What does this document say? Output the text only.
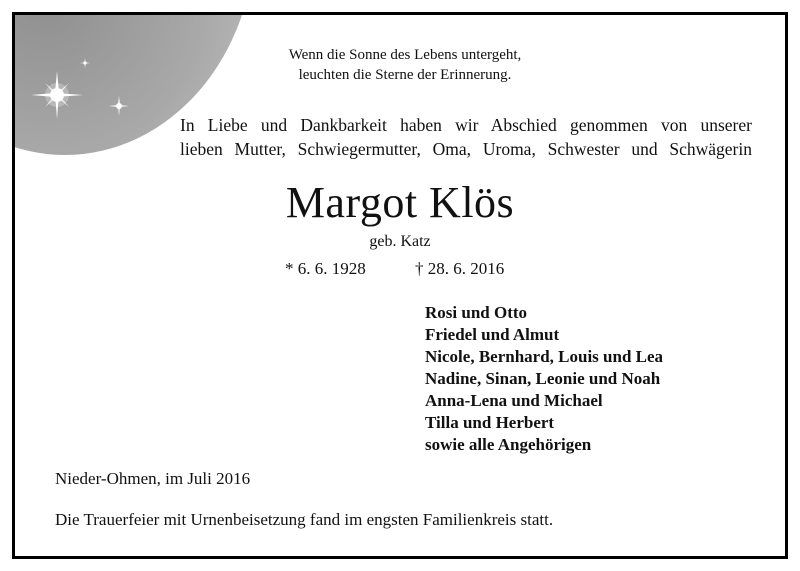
Wenn die Sonne des Lebens untergeht,
leuchten die Sterne der Erinnerung.
In Liebe und Dankbarkeit haben wir Abschied genommen von unserer
lieben Mutter, Schwiegermutter, Oma, Uroma, Schwester und Schwägerin
Margot Klös
geb. Katz
* 6. 6. 1928	† 28. 6. 2016
Rosi und Otto
Friedel und Almut
Nicole, Bernhard, Louis und Lea
Nadine, Sinan, Leonie und Noah
Anna-Lena und Michael
Tilla und Herbert
sowie alle Angehörigen
Nieder-Ohmen, im Juli 2016
Die Trauerfeier mit Urnenbeisetzung fand im engsten Familienkreis statt.
